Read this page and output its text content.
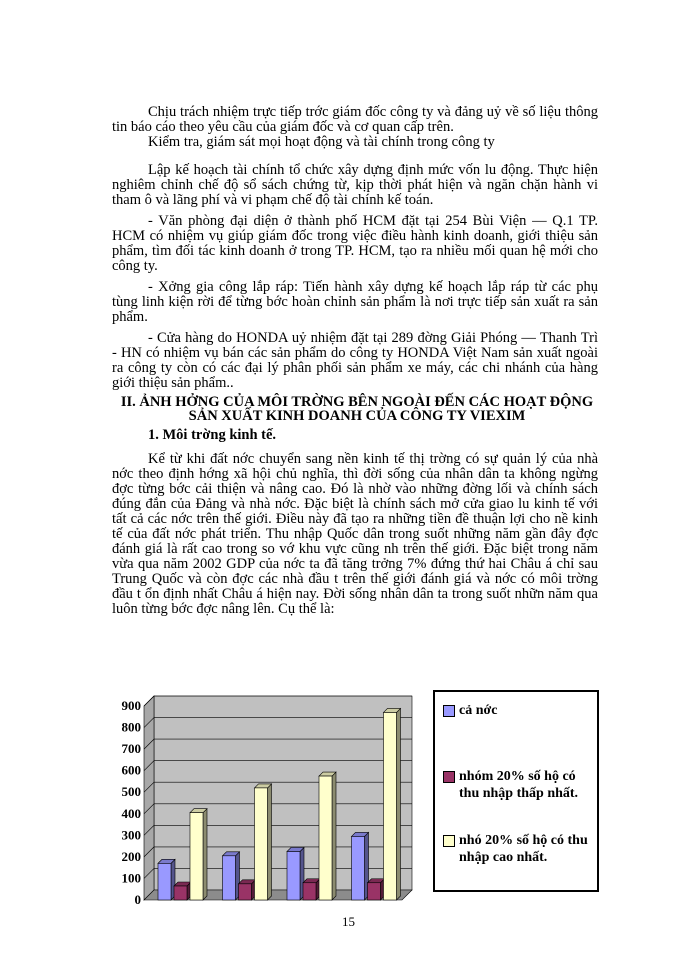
Chịu trách nhiệm trực tiếp trớc giám đốc công ty và đảng uỷ về số liệu thông tin báo cáo theo yêu cầu của giám đốc và cơ quan cấp trên.
Kiểm tra, giám sát mọi hoạt động và tài chính trong công ty
Lập kế hoạch tài chính tổ chức xây dựng định mức vốn lu động. Thực hiện nghiêm chỉnh chế độ sổ sách chứng từ, kịp thời phát hiện và ngăn chặn hành vi tham ô và lãng phí và vi phạm chế độ tài chính kế toán.
- Văn phòng đại diện ở thành phố HCM đặt tại 254 Bùi Viện — Q.1 TP. HCM có nhiệm vụ giúp giám đốc trong việc điều hành kinh doanh, giới thiệu sản phẩm, tìm đối tác kinh doanh ở trong TP. HCM, tạo ra nhiều mối quan hệ mới cho công ty.
- Xởng gia công lắp ráp: Tiến hành xây dựng kế hoạch lắp ráp từ các phụ tùng linh kiện rời để từng bớc hoàn chỉnh sản phẩm là nơi trực tiếp sản xuất ra sản phẩm.
- Cửa hàng do HONDA uỷ nhiệm đặt tại 289 đờng Giải Phóng — Thanh Trì - HN có nhiệm vụ bán các sản phẩm do công ty HONDA Việt Nam sản xuất ngoài ra công ty còn có các đại lý phân phối sản phẩm xe máy, các chi nhánh của hàng giới thiệu sản phẩm..
II. ẢNH HỞNG CỦA MÔI TRỜNG BÊN NGOÀI ĐẾN CÁC HOẠT ĐỘNG SẢN XUẤT KINH DOANH CỦA CÔNG TY VIEXIM
1. Môi trờng kinh tế.
Kể từ khi đất nớc chuyển sang nền kinh tế thị trờng có sự quản lý của nhà nớc theo định hớng xã hội chủ nghĩa, thì đời sống của nhân dân ta không ngừng đợc từng bớc cải thiện và nâng cao. Đó là nhờ vào những đờng lối và chính sách đúng đắn của Đảng và nhà nớc. Đặc biệt là chính sách mở cửa giao lu kinh tế với tất cả các nớc trên thế giới. Điều này đã tạo ra những tiền đề thuận lợi cho nề kinh tế của đất nớc phát triển. Thu nhập Quốc dân trong suốt những năm gần đây đợc đánh giá là rất cao trong so vớ khu vực cũng nh trên thế giới. Đặc biệt trong năm vừa qua năm 2002 GDP của nớc ta đã tăng trởng 7% đứng thứ hai Châu á chỉ sau Trung Quốc và còn đợc các nhà đầu t trên thế giới đánh giá và nớc có môi trờng đầu t ổn định nhất Châu á hiện nay. Đời sống nhân dân ta trong suốt nhữn năm qua luôn từng bớc đợc nâng lên. Cụ thể là:
0
100
200
300
400
500
600
700
800
900	cả nớc
nhóm 20% số hộ có thu nhập thấp nhất.
nhó 20% số hộ có thu nhập cao nhất.
15
